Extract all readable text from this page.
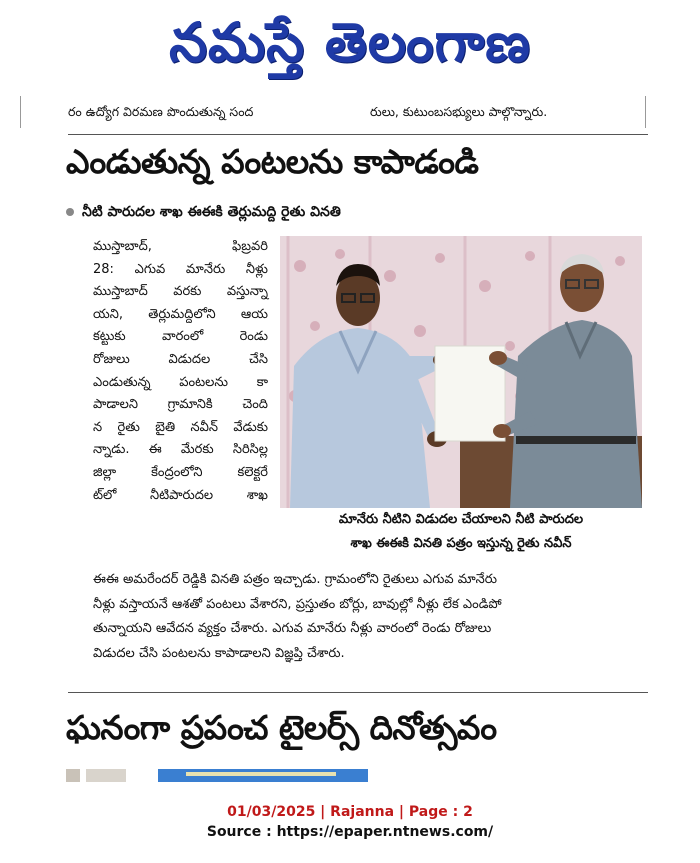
నమస్తే తెలంగాణ
రం ఉద్యోగ విరమణ పొందుతున్న సంద	రులు, కుటుంబసభ్యులు పాల్గొన్నారు.
ఎండుతున్న పంటలను కాపాడండి
నీటి పారుదల శాఖ ఈఈకి తెర్లుమద్ది రైతు వినతి
ముస్తాబాద్, ఫిబ్రవరి
28: ఎగువ మానేరు నీళ్లు
ముస్తాబాద్ వరకు వస్తున్నా
యని, తెర్లుమద్దిలోని ఆయ
కట్టుకు వారంలో రెండు
రోజులు విడుదల చేసి
ఎండుతున్న పంటలను కా
పాడాలని గ్రామానికి చెంది
న రైతు బైతి నవీన్ వేడుకు
న్నాడు. ఈ మేరకు సిరిసిల్ల
జిల్లా కేంద్రంలోని కలెక్టరే
ట్‌లో నీటిపారుదల శాఖ
మానేరు నీటిని విడుదల చేయాలని నీటి పారుదల
శాఖ ఈఈకి వినతి పత్రం ఇస్తున్న రైతు నవీన్
ఈఈ అమరేందర్ రెడ్డికి వినతి పత్రం ఇచ్చాడు. గ్రామంలోని రైతులు ఎగువ మానేరు
నీళ్లు వస్తాయనే ఆశతో పంటలు వేశారని, ప్రస్తుతం బోర్లు, బావుల్లో నీళ్లు లేక ఎండిపో
తున్నాయని ఆవేదన వ్యక్తం చేశారు. ఎగువ మానేరు నీళ్లు వారంలో రెండు రోజులు
విడుదల చేసి పంటలను కాపాడాలని విజ్ఞప్తి చేశారు.
ఘనంగా ప్రపంచ టైలర్స్ దినోత్సవం
01/03/2025 | Rajanna | Page : 2
Source : https://epaper.ntnews.com/
